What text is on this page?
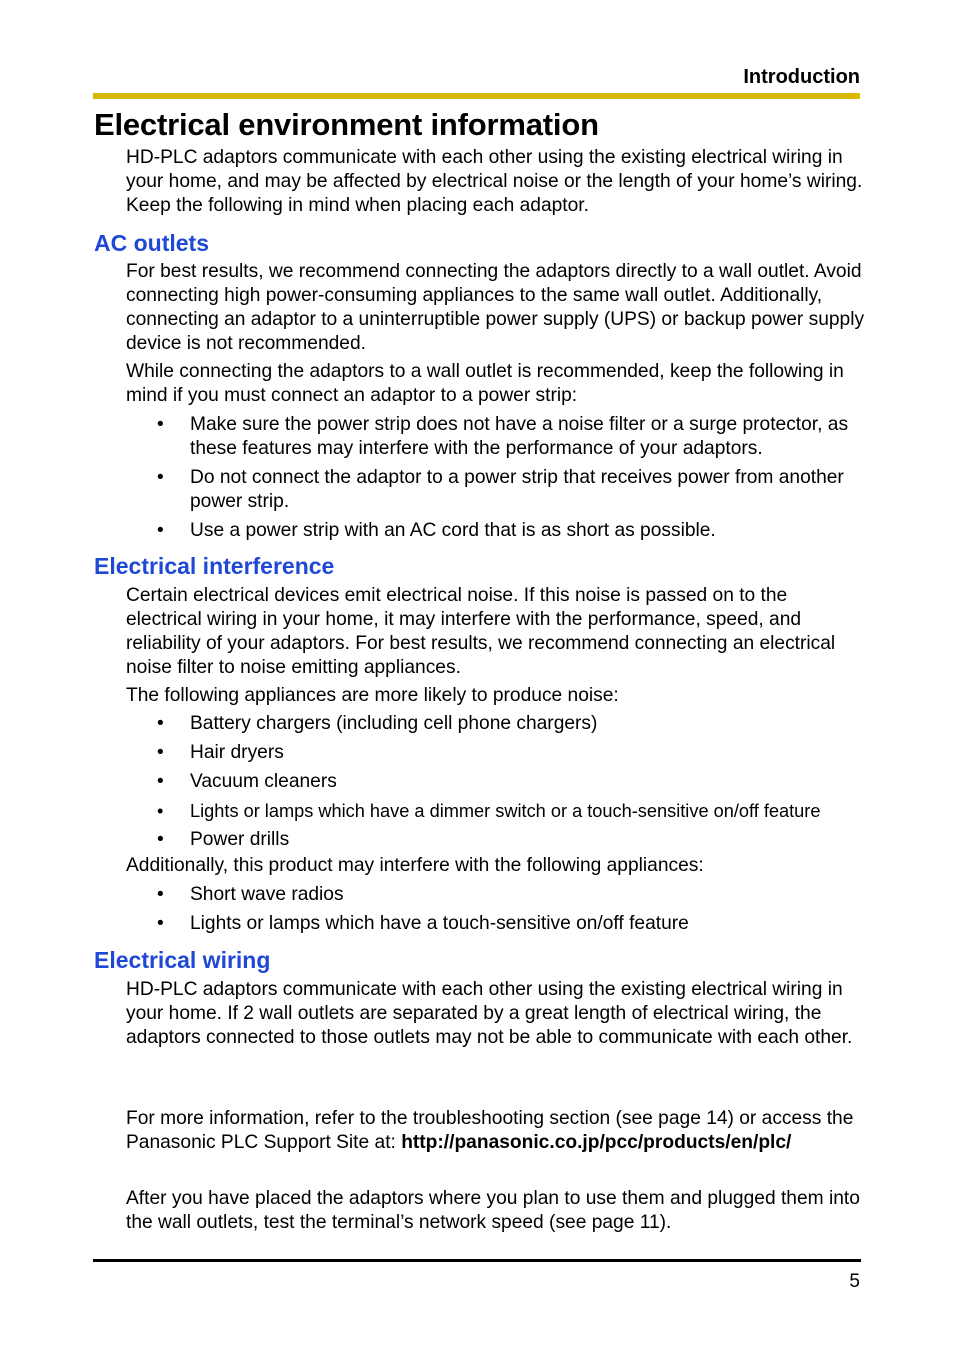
Introduction
Electrical environment information

HD-PLC adaptors communicate with each other using the existing electrical wiring in your home, and may be affected by electrical noise or the length of your home’s wiring. Keep the following in mind when placing each adaptor.

AC outlets

For best results, we recommend connecting the adaptors directly to a wall outlet. Avoid connecting high power-consuming appliances to the same wall outlet. Additionally, connecting an adaptor to a uninterruptible power supply (UPS) or backup power supply device is not recommended.

While connecting the adaptors to a wall outlet is recommended, keep the following in mind if you must connect an adaptor to a power strip:

• Make sure the power strip does not have a noise filter or a surge protector, as these features may interfere with the performance of your adaptors.
• Do not connect the adaptor to a power strip that receives power from another power strip.
• Use a power strip with an AC cord that is as short as possible.
Electrical interference

Certain electrical devices emit electrical noise. If this noise is passed on to the electrical wiring in your home, it may interfere with the performance, speed, and reliability of your adaptors. For best results, we recommend connecting an electrical noise filter to noise emitting appliances.

The following appliances are more likely to produce noise:

• Battery chargers (including cell phone chargers)
• Hair dryers
• Vacuum cleaners
• Lights or lamps which have a dimmer switch or a touch-sensitive on/off feature
• Power drills

Additionally, this product may interfere with the following appliances:

• Short wave radios
• Lights or lamps which have a touch-sensitive on/off feature
Electrical wiring

HD-PLC adaptors communicate with each other using the existing electrical wiring in your home. If 2 wall outlets are separated by a great length of electrical wiring, the adaptors connected to those outlets may not be able to communicate with each other.

For more information, refer to the troubleshooting section (see page 14) or access the Panasonic PLC Support Site at: http://panasonic.co.jp/pcc/products/en/plc/

After you have placed the adaptors where you plan to use them and plugged them into the wall outlets, test the terminal’s network speed (see page 11).

5
